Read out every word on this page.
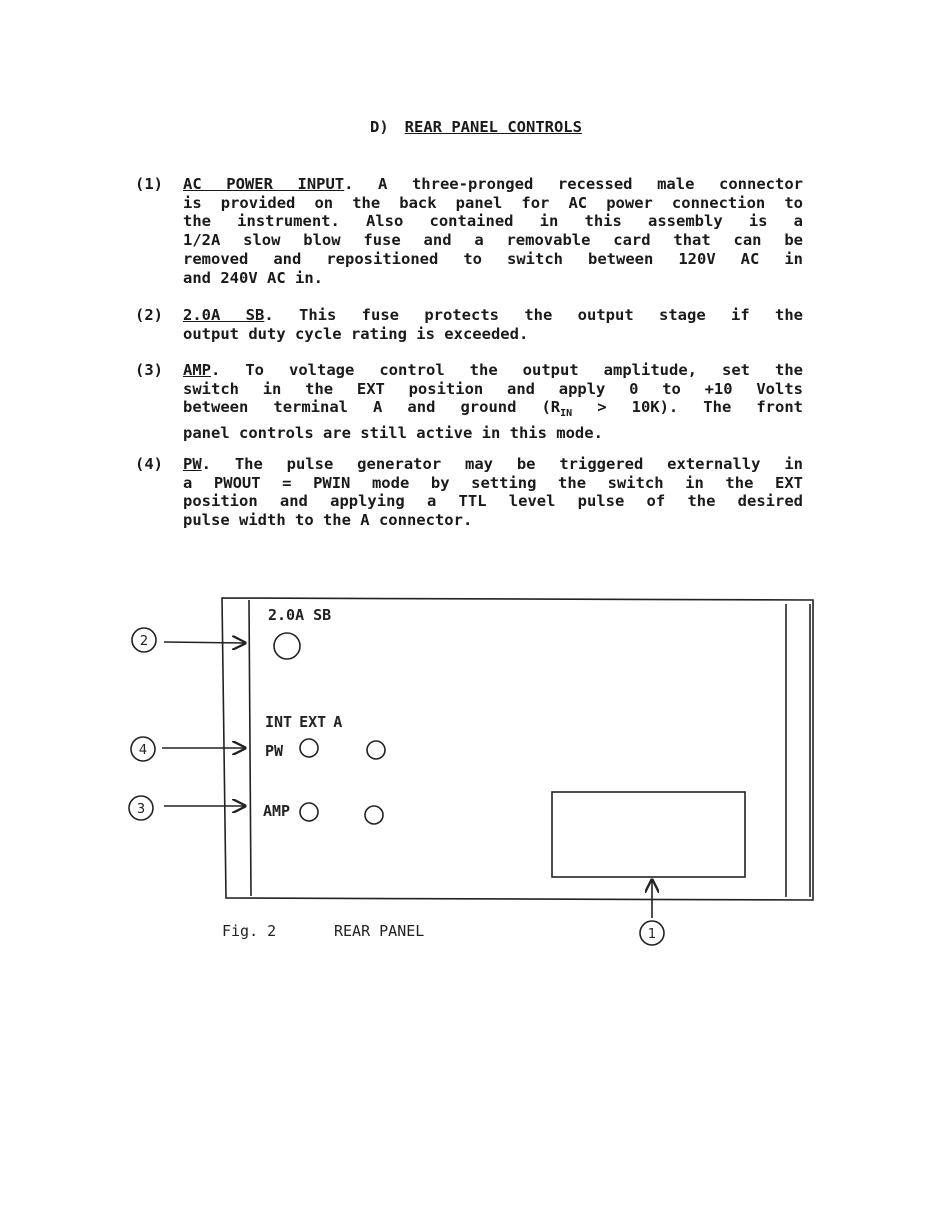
D) REAR PANEL CONTROLS
(1) AC POWER INPUT. A three-pronged recessed male connector
is provided on the back panel for AC power connection to
the instrument. Also contained in this assembly is a
1/2A slow blow fuse and a removable card that can be
removed and repositioned to switch between 120V AC in
and 240V AC in.
(2) 2.0A SB. This fuse protects the output stage if the
output duty cycle rating is exceeded.
(3) AMP. To voltage control the output amplitude, set the
switch in the EXT position and apply 0 to +10 Volts
between terminal A and ground $(R_{IN} > 10K)$. The front
panel controls are still active in this mode.
(4) PW. The pulse generator may be triggered externally in
a PWOUT = PWIN mode by setting the switch in the EXT
position and applying a TTL level pulse of the desired
pulse width to the A connector.
2.0A SB
INT EXT A
PW
AMP
2
4
3
1
Fig. 2	REAR PANEL
